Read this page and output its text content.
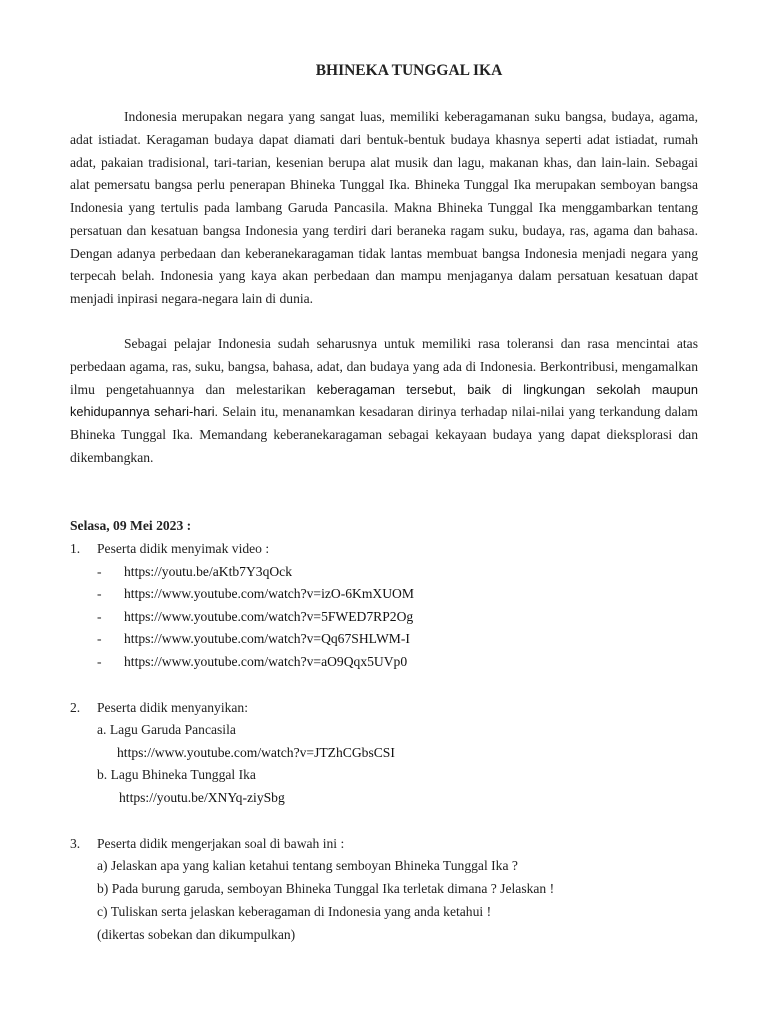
BHINEKA TUNGGAL IKA

Indonesia merupakan negara yang sangat luas, memiliki keberagamanan suku bangsa, budaya, agama, adat istiadat. Keragaman budaya dapat diamati dari bentuk-bentuk budaya khasnya seperti adat istiadat, rumah adat, pakaian tradisional, tari-tarian, kesenian berupa alat musik dan lagu, makanan khas, dan lain-lain. Sebagai alat pemersatu bangsa perlu penerapan Bhineka Tunggal Ika. Bhineka Tunggal Ika merupakan semboyan bangsa Indonesia yang tertulis pada lambang Garuda Pancasila. Makna Bhineka Tunggal Ika menggambarkan tentang persatuan dan kesatuan bangsa Indonesia yang terdiri dari beraneka ragam suku, budaya, ras, agama dan bahasa. Dengan adanya perbedaan dan keberanekaragaman tidak lantas membuat bangsa Indonesia menjadi negara yang terpecah belah. Indonesia yang kaya akan perbedaan dan mampu menjaganya dalam persatuan kesatuan dapat menjadi inpirasi negara-negara lain di dunia.

Sebagai pelajar Indonesia sudah seharusnya untuk memiliki rasa toleransi dan rasa mencintai atas perbedaan agama, ras, suku, bangsa, bahasa, adat, dan budaya yang ada di Indonesia. Berkontribusi, mengamalkan ilmu pengetahuannya dan melestarikan keberagaman tersebut, baik di lingkungan sekolah maupun kehidupannya sehari-hari. Selain itu, menanamkan kesadaran dirinya terhadap nilai-nilai yang terkandung dalam Bhineka Tunggal Ika. Memandang keberanekaragaman sebagai kekayaan budaya yang dapat dieksplorasi dan dikembangkan.

Selasa, 09 Mei 2023 :
1. Peserta didik menyimak video :
- https://youtu.be/aKtb7Y3qOck
- https://www.youtube.com/watch?v=izO-6KmXUOM
- https://www.youtube.com/watch?v=5FWED7RP2Og
- https://www.youtube.com/watch?v=Qq67SHLWM-I
- https://www.youtube.com/watch?v=aO9Qqx5UVp0
2. Peserta didik menyanyikan:
a. Lagu Garuda Pancasila
https://www.youtube.com/watch?v=JTZhCGbsCSI
b. Lagu Bhineka Tunggal Ika
https://youtu.be/XNYq-ziySbg
3. Peserta didik mengerjakan soal di bawah ini :
a) Jelaskan apa yang kalian ketahui tentang semboyan Bhineka Tunggal Ika ?
b) Pada burung garuda, semboyan Bhineka Tunggal Ika terletak dimana ? Jelaskan !
c) Tuliskan serta jelaskan keberagaman di Indonesia yang anda ketahui !
(dikertas sobekan dan dikumpulkan)
